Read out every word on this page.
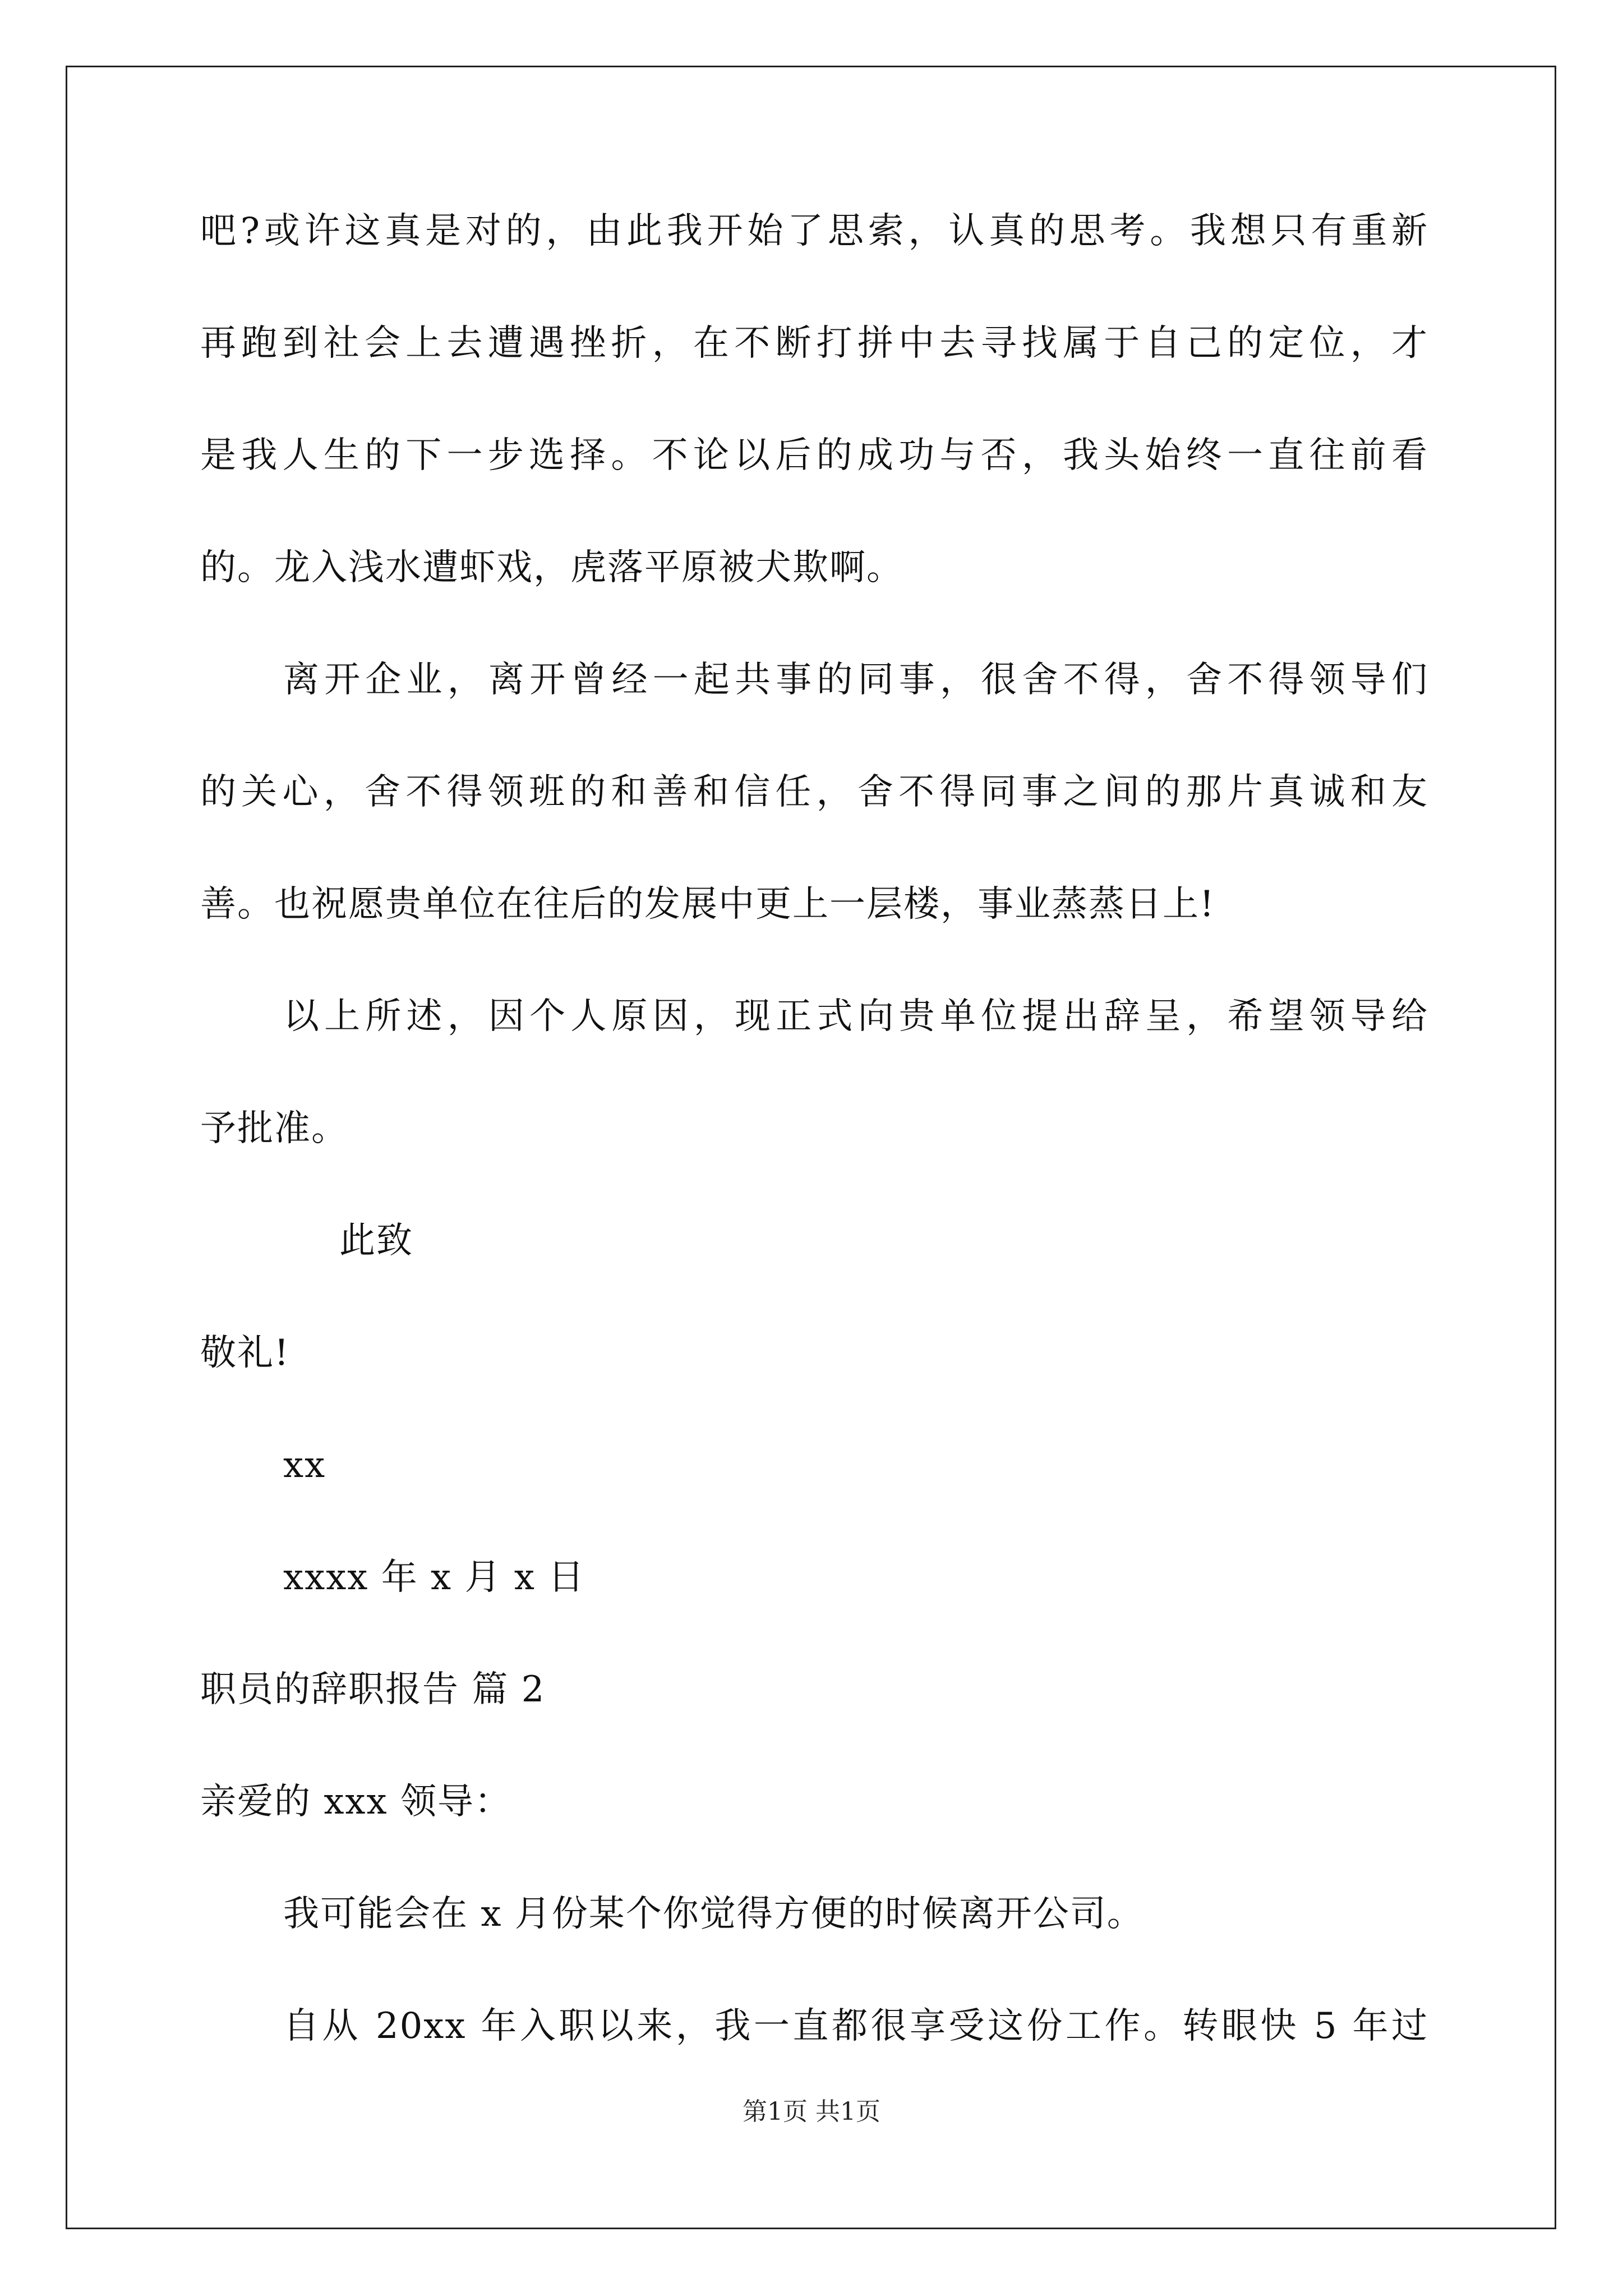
吧?或许这真是对的，由此我开始了思索，认真的思考。我想只有重新
再跑到社会上去遭遇挫折，在不断打拼中去寻找属于自己的定位，才
是我人生的下一步选择。不论以后的成功与否，我头始终一直往前看
的。龙入浅水遭虾戏，虎落平原被犬欺啊。
离开企业，离开曾经一起共事的同事，很舍不得，舍不得领导们
的关心，舍不得领班的和善和信任，舍不得同事之间的那片真诚和友
善。也祝愿贵单位在往后的发展中更上一层楼，事业蒸蒸日上!
以上所述，因个人原因，现正式向贵单位提出辞呈，希望领导给
予批准。
此致
敬礼!
xx
xxxx 年 x 月 x 日
职员的辞职报告 篇 2
亲爱的 xxx 领导：
我可能会在 x 月份某个你觉得方便的时候离开公司。
自从 20xx 年入职以来，我一直都很享受这份工作。转眼快 5 年过
第1页 共1页
